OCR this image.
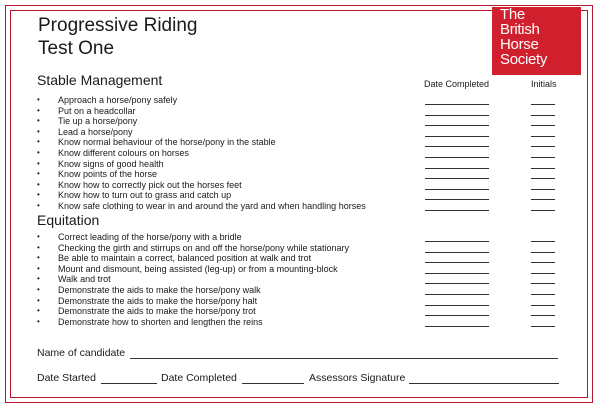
Progressive Riding
Test One
The
British
Horse
Society
Stable Management	Date Completed	Initials
• Approach a horse/pony safely
• Put on a headcollar
• Tie up a horse/pony
• Lead a horse/pony
• Know normal behaviour of the horse/pony in the stable
• Know different colours on horses
• Know signs of good health
• Know points of the horse
• Know how to correctly pick out the horses feet
• Know how to turn out to grass and catch up
• Know safe clothing to wear in and around the yard and when handling horses
Equitation
• Correct leading of the horse/pony with a bridle
• Checking the girth and stirrups on and off the horse/pony while stationary
• Be able to maintain a correct, balanced position at walk and trot
• Mount and dismount, being assisted (leg-up) or from a mounting-block
• Walk and trot
• Demonstrate the aids to make the horse/pony walk
• Demonstrate the aids to make the horse/pony halt
• Demonstrate the aids to make the horse/pony trot
• Demonstrate how to shorten and lengthen the reins
Name of candidate
Date Started	Date Completed	Assessors Signature
